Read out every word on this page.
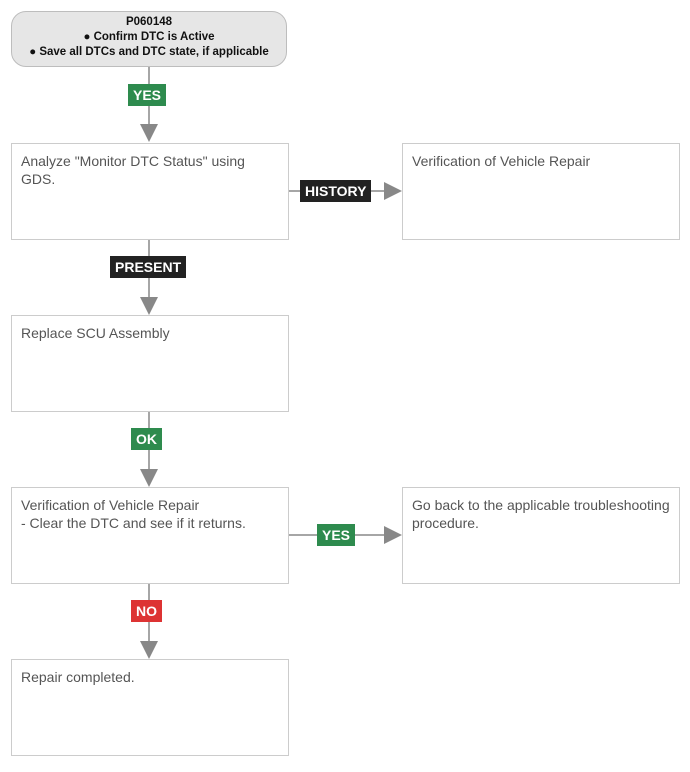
P060148
● Confirm DTC is Active
● Save all DTCs and DTC state, if applicable
Analyze "Monitor DTC Status" using
GDS.
Verification of Vehicle Repair
Replace SCU Assembly
Verification of Vehicle Repair
- Clear the DTC and see if it returns.
Go back to the applicable troubleshooting
procedure.
Repair completed.
YES
HISTORY
PRESENT
OK
YES
NO
